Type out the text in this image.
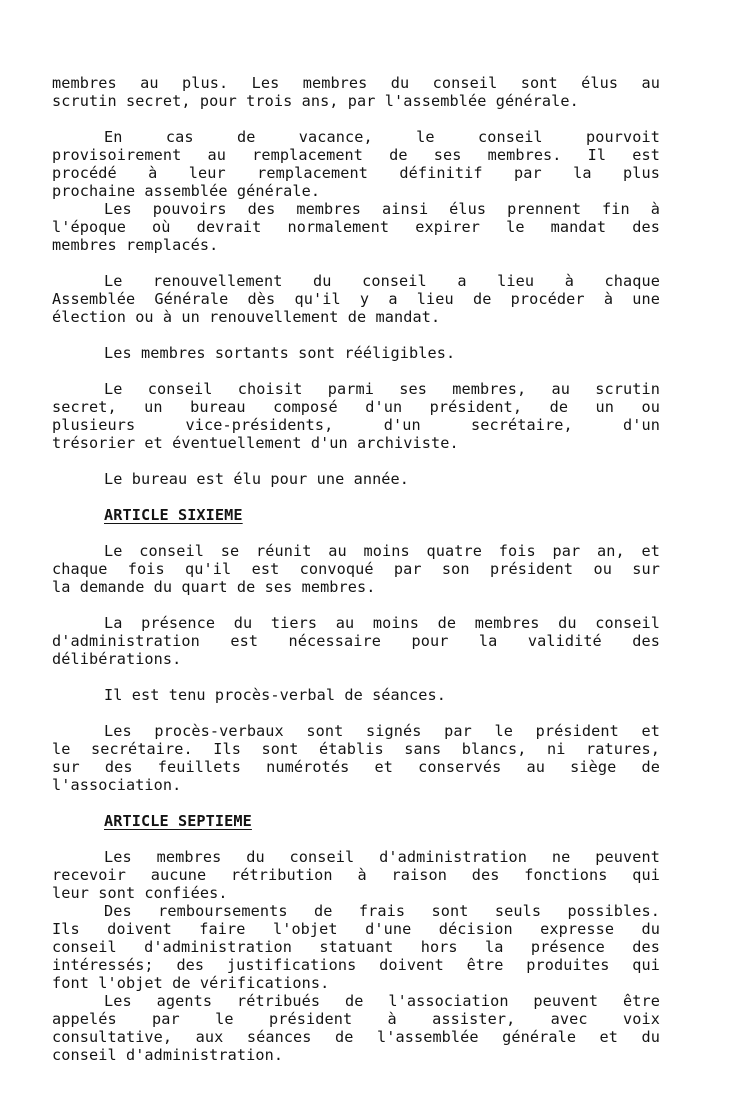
membres au plus. Les membres du conseil sont élus au
scrutin secret, pour trois ans, par l'assemblée générale.
En cas de vacance, le conseil pourvoit
provisoirement au remplacement de ses membres. Il est
procédé à leur remplacement définitif par la plus
prochaine assemblée générale.
Les pouvoirs des membres ainsi élus prennent fin à
l'époque où devrait normalement expirer le mandat des
membres remplacés.
Le renouvellement du conseil a lieu à chaque
Assemblée Générale dès qu'il y a lieu de procéder à une
élection ou à un renouvellement de mandat.
Les membres sortants sont rééligibles.
Le conseil choisit parmi ses membres, au scrutin
secret, un bureau composé d'un président, de un ou
plusieurs vice-présidents, d'un secrétaire, d'un
trésorier et éventuellement d'un archiviste.
Le bureau est élu pour une année.
ARTICLE SIXIEME
Le conseil se réunit au moins quatre fois par an, et
chaque fois qu'il est convoqué par son président ou sur
la demande du quart de ses membres.
La présence du tiers au moins de membres du conseil
d'administration est nécessaire pour la validité des
délibérations.
Il est tenu procès-verbal de séances.
Les procès-verbaux sont signés par le président et
le secrétaire. Ils sont établis sans blancs, ni ratures,
sur des feuillets numérotés et conservés au siège de
l'association.
ARTICLE SEPTIEME
Les membres du conseil d'administration ne peuvent
recevoir aucune rétribution à raison des fonctions qui
leur sont confiées.
Des remboursements de frais sont seuls possibles.
Ils doivent faire l'objet d'une décision expresse du
conseil d'administration statuant hors la présence des
intéressés; des justifications doivent être produites qui
font l'objet de vérifications.
Les agents rétribués de l'association peuvent être
appelés par le président à assister, avec voix
consultative, aux séances de l'assemblée générale et du
conseil d'administration.
